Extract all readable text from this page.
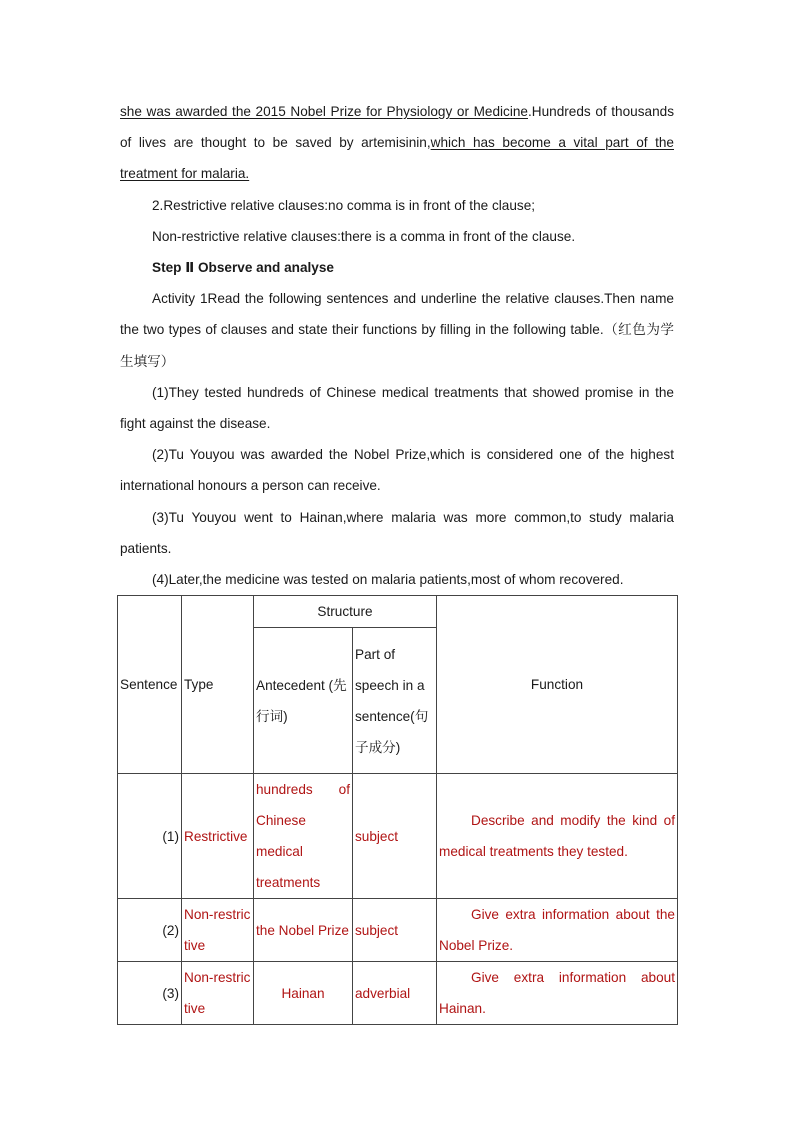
she was awarded the 2015 Nobel Prize for Physiology or Medicine.Hundreds of thousands of lives are thought to be saved by artemisinin,which has become a vital part of the treatment for malaria.

2.Restrictive relative clauses:no comma is in front of the clause;

Non-restrictive relative clauses:there is a comma in front of the clause.

Step Ⅱ Observe and analyse

Activity 1Read the following sentences and underline the relative clauses.Then name the two types of clauses and state their functions by filling in the following table.（红色为学生填写）

(1)They tested hundreds of Chinese medical treatments that showed promise in the fight against the disease.

(2)Tu Youyou was awarded the Nobel Prize,which is considered one of the highest international honours a person can receive.

(3)Tu Youyou went to Hainan,where malaria was more common,to study malaria patients.

(4)Later,the medicine was tested on malaria patients,most of whom recovered.

Sentence	Type	Structure		Function
		Antecedent (先行词)	Part of speech in a sentence(句子成分)	
(1)	Restrictive	hundreds of Chinese medical treatments	subject	Describe and modify the kind of medical treatments they tested.
(2)	Non-restrictive	the Nobel Prize	subject	Give extra information about the Nobel Prize.
(3)	Non-restrictive	Hainan	adverbial	Give extra information about Hainan.
